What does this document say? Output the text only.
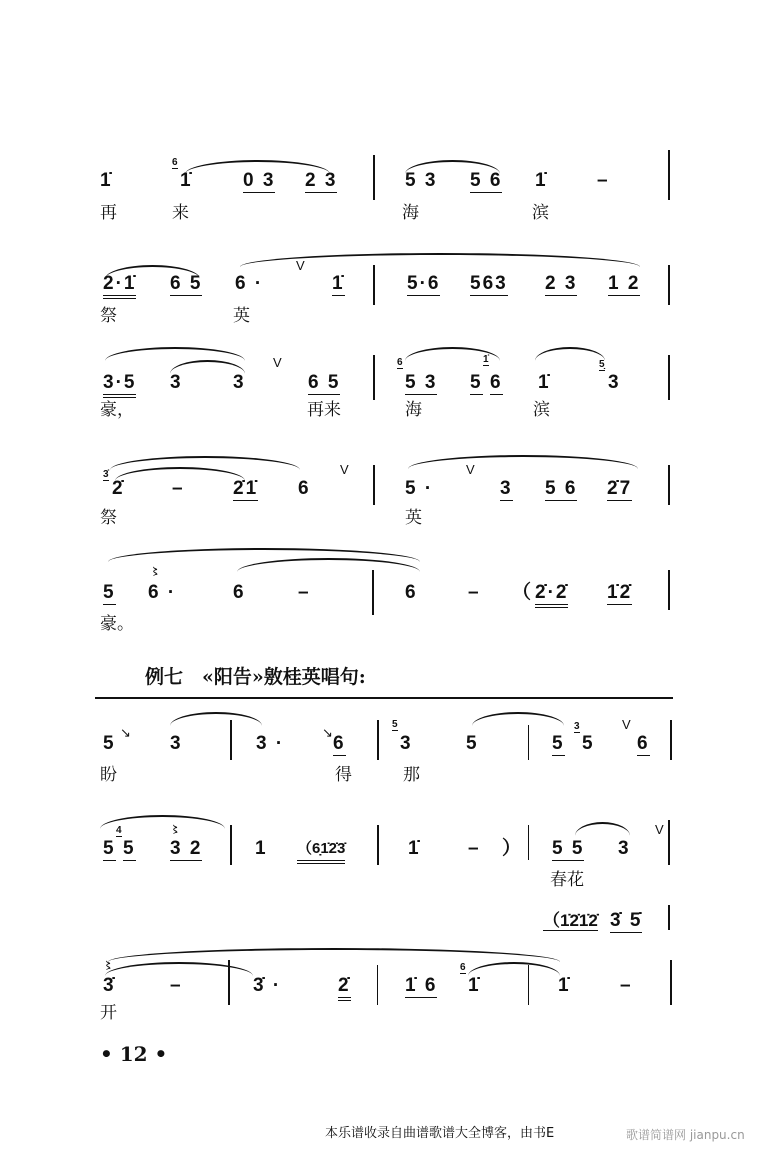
1̇
6
1̇	0 3 2 3	5 3 5 6 1̇	–
再	来	海	滨
2·1̇ 6 5 6 ·
V
1̇	5·6 563 2 3 1 2
祭	英
3·5 3	3
V
6 5
6
5 3 5
1̇
6 1̇
5̣
3
豪，	再来	海	滨
3̇
2̇ –	2̇1̇ 6
V
5 ·
V
3 5 6 2̇7
祭	英
5
〻
6 ·	6	–	6	– （ 2̇·2̇ 1̇2̇
豪。
例七　«阳告»敫桂英唱句:
5
↘
3	3 ·
↘
6
5
3	5	5
3
5
V
6
盼	得	那
5
4
5
〻
3 2	1 （6̣1̇2̇3̇	1̇ – ） 5 5 3
V
春花
（1̇2̇1̇2̇ 3̇ 5̇
〻
3̇	–	3̇ ·	2̇	1̇ 6
6
1̇	1̇	–
开
• 12 •
本乐谱收录自曲谱歌谱大全博客，由书E	歌谱简谱网 jianpu.cn
